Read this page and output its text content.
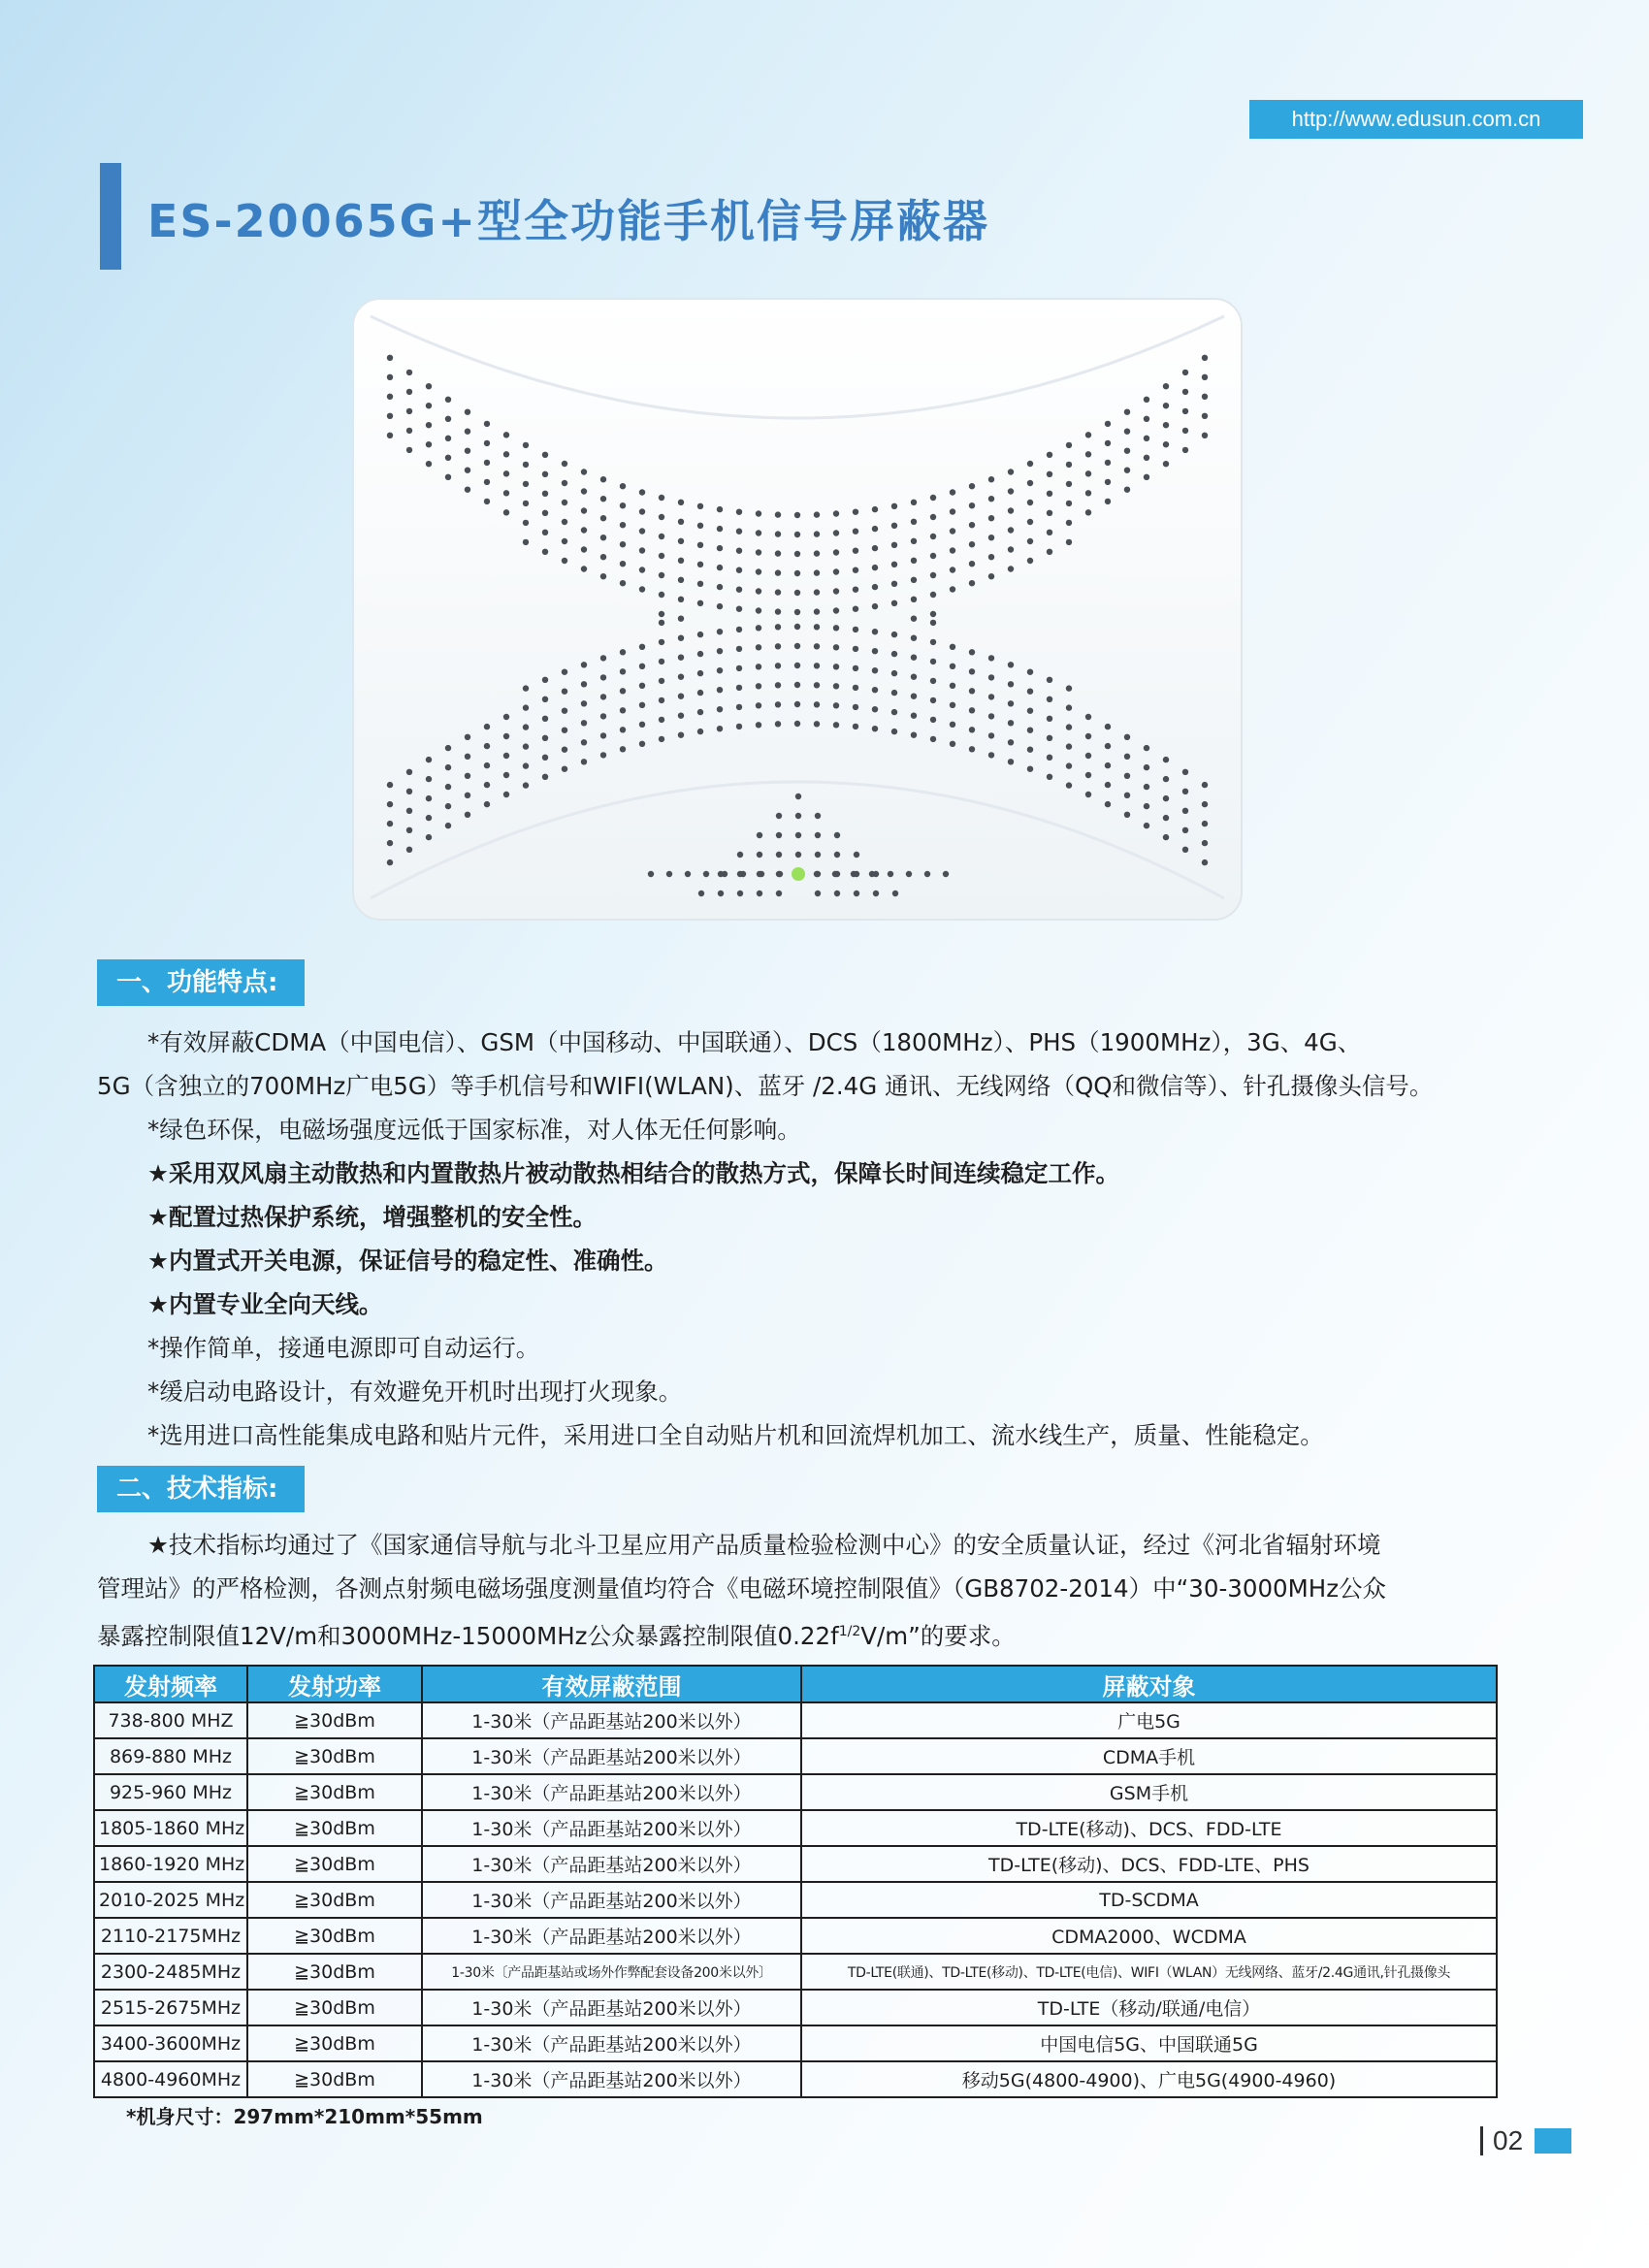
http://www.edusun.com.cn
ES-20065G+型全功能手机信号屏蔽器
一、功能特点:

*有效屏蔽CDMA（中国电信）、GSM（中国移动、中国联通）、DCS（1800MHz）、PHS（1900MHz），3G、4G、

5G（含独立的700MHz广电5G）等手机信号和WIFI(WLAN)、蓝牙 /2.4G 通讯、无线网络（QQ和微信等）、针孔摄像头信号。

*绿色环保，电磁场强度远低于国家标准，对人体无任何影响。

★采用双风扇主动散热和内置散热片被动散热相结合的散热方式，保障长时间连续稳定工作。

★配置过热保护系统，增强整机的安全性。

★内置式开关电源，保证信号的稳定性、准确性。

★内置专业全向天线。

*操作简单，接通电源即可自动运行。

*缓启动电路设计，有效避免开机时出现打火现象。

*选用进口高性能集成电路和贴片元件，采用进口全自动贴片机和回流焊机加工、流水线生产，质量、性能稳定。

二、技术指标:

★技术指标均通过了《国家通信导航与北斗卫星应用产品质量检验检测中心》的安全质量认证，经过《河北省辐射环境

管理站》的严格检测，各测点射频电磁场强度测量值均符合《电磁环境控制限值》（GB8702-2014）中“30-3000MHz公众

暴露控制限值12V/m和3000MHz-15000MHz公众暴露控制限值$0.22f^{1/2}V/m$”的要求。

发射频率	发射功率	有效屏蔽范围	屏蔽对象
738-800 MHZ	≧30dBm	1-30米（产品距基站200米以外）	广电5G
869-880 MHz	≧30dBm	1-30米（产品距基站200米以外）	CDMA手机
925-960 MHz	≧30dBm	1-30米（产品距基站200米以外）	GSM手机
1805-1860 MHz	≧30dBm	1-30米（产品距基站200米以外）	TD-LTE(移动)、DCS、FDD-LTE
1860-1920 MHz	≧30dBm	1-30米（产品距基站200米以外）	TD-LTE(移动)、DCS、FDD-LTE、PHS
2010-2025 MHz	≧30dBm	1-30米（产品距基站200米以外）	TD-SCDMA
2110-2175MHz	≧30dBm	1-30米（产品距基站200米以外）	CDMA2000、WCDMA
2300-2485MHz	≧30dBm	1-30米〔产品距基站或场外作弊配套设备200米以外〕	TD-LTE(联通)、TD-LTE(移动)、TD-LTE(电信)、WIFI（WLAN）无线网络、蓝牙/2.4G通讯,针孔摄像头
2515-2675MHz	≧30dBm	1-30米（产品距基站200米以外）	TD-LTE（移动/联通/电信）
3400-3600MHz	≧30dBm	1-30米（产品距基站200米以外）	中国电信5G、中国联通5G
4800-4960MHz	≧30dBm	1-30米（产品距基站200米以外）	移动5G(4800-4900)、广电5G(4900-4960)
*机身尺寸：297mm*210mm*55mm
02
